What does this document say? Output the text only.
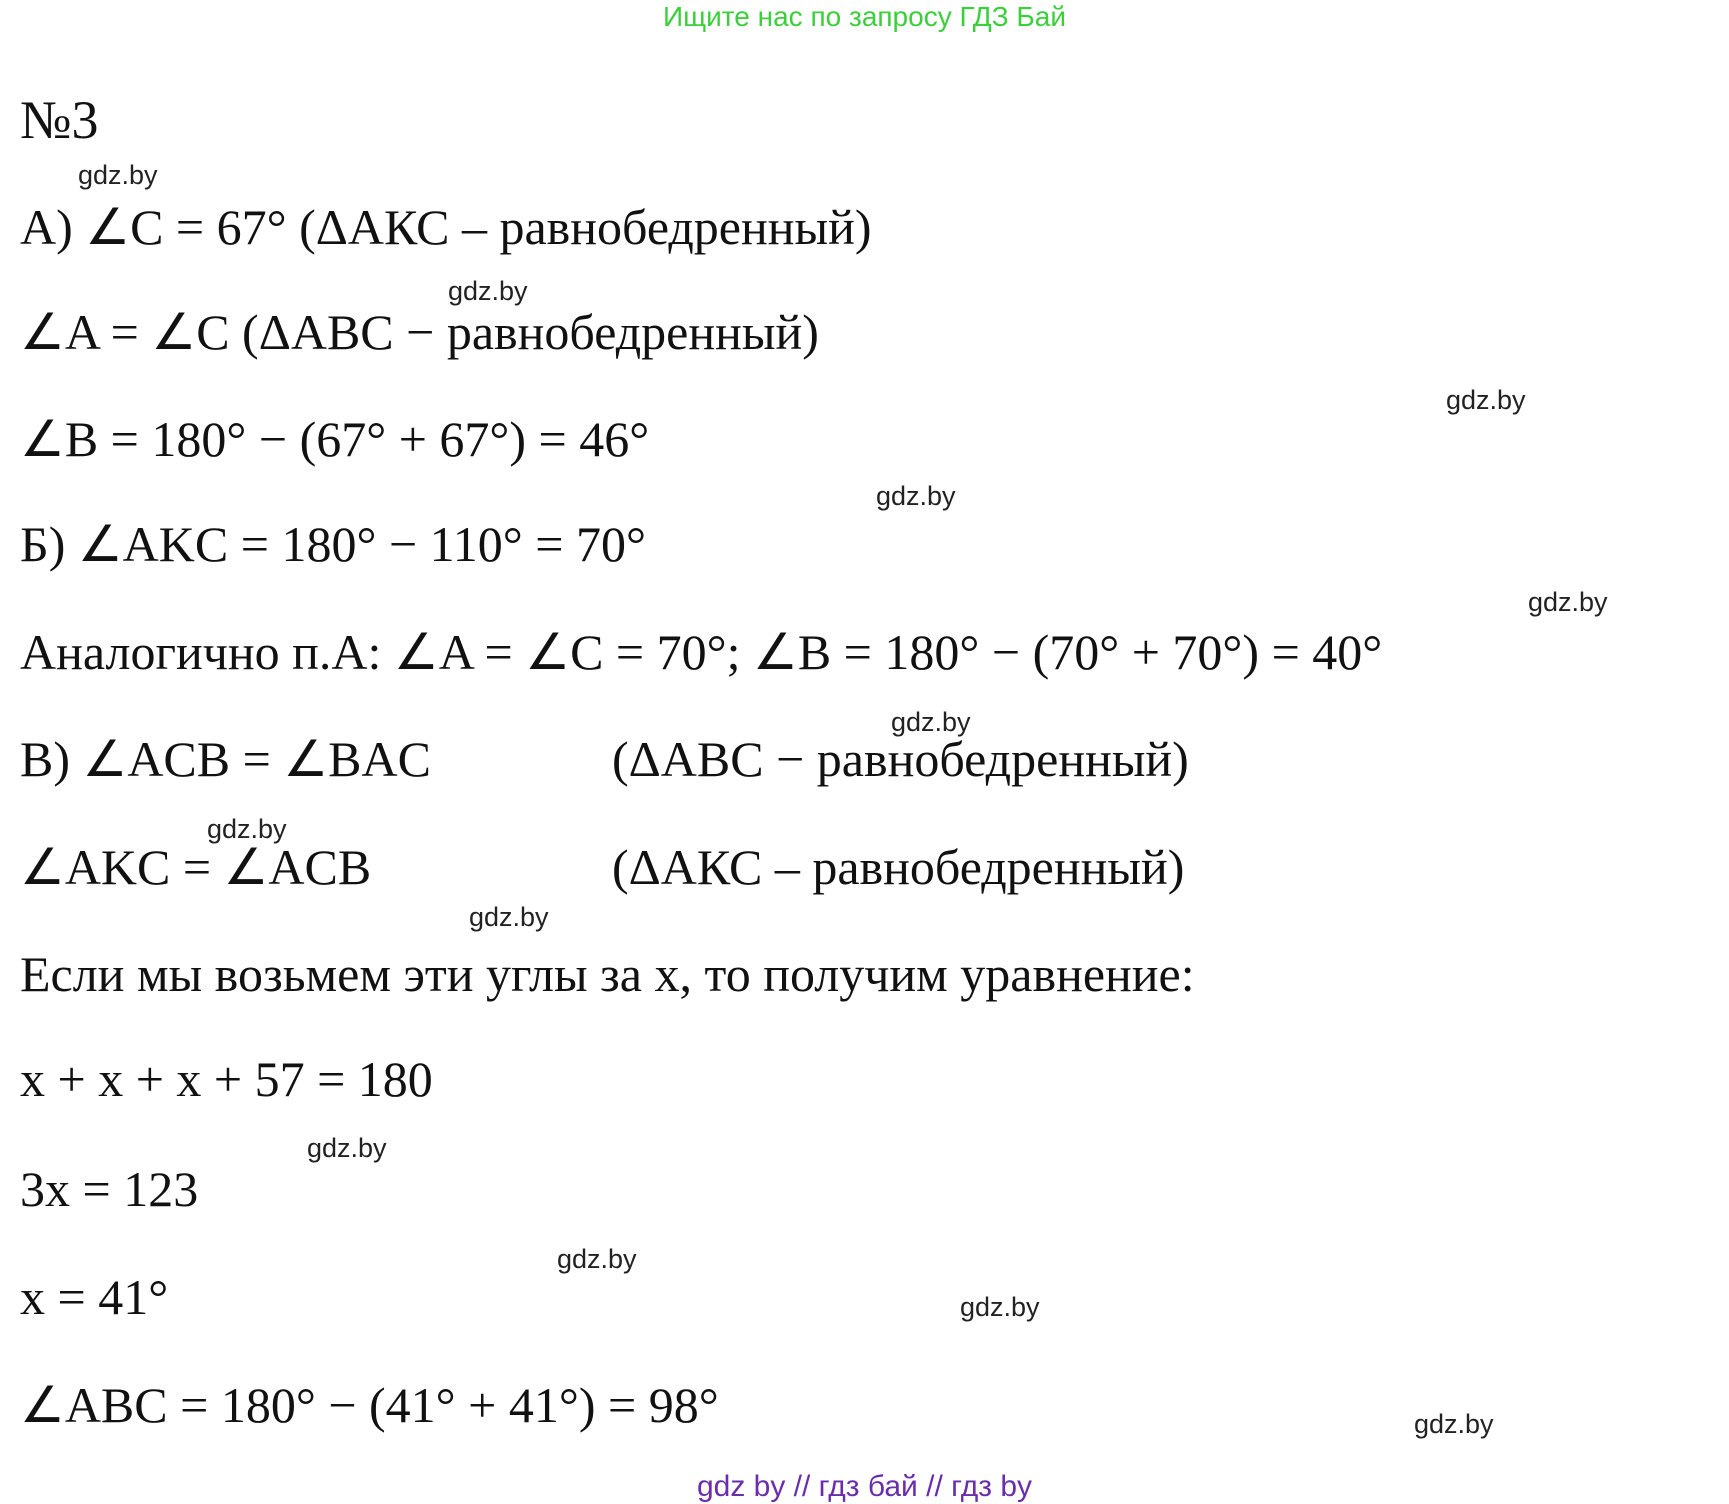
Ищите нас по запросу ГДЗ Бай
№3
А) ∠C = 67° (ΔАКС – равнобедренный)
∠A = ∠C (ΔABC − равнобедренный)
∠B = 180° − (67° + 67°) = 46°
Б) ∠AKC = 180° − 110° = 70°
Аналогично п.А: ∠A = ∠C = 70°; ∠B = 180° − (70° + 70°) = 40°
В) ∠ACB = ∠BAC	(ΔABC − равнобедренный)
∠AKC = ∠ACB	(ΔАКС – равнобедренный)
Если мы возьмем эти углы за x, то получим уравнение:
x + x + x + 57 = 180
3x = 123
x = 41°
∠ABC = 180° − (41° + 41°) = 98°
gdz.by
gdz.by
gdz.by
gdz.by
gdz.by
gdz.by
gdz.by
gdz.by
gdz.by
gdz.by
gdz.by
gdz.by
gdz by // гдз бай // гдз by
